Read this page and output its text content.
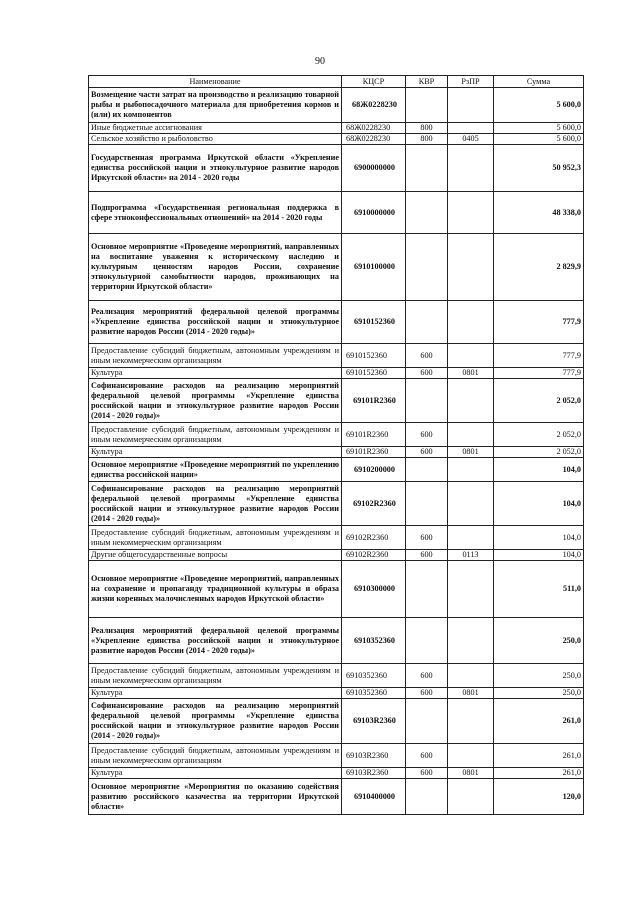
90
Наименование	КЦСР	КВР	РзПР	Сумма
Возмещение части затрат на производство и реализацию товарной рыбы и рыбопосадочного материала для приобретения кормов и (или) их компонентов	68Ж0228230			5 600,0
Иные бюджетные ассигнования	68Ж0228230	800		5 600,0
Сельское хозяйство и рыболовство	68Ж0228230	800	0405	5 600,0
Государственная программа Иркутской области «Укрепление единства российской нации и этнокультурное развитие народов Иркутской области» на 2014 - 2020 годы	6900000000			50 952,3
Подпрограмма «Государственная региональная поддержка в сфере этноконфессиональных отношений» на 2014 - 2020 годы	6910000000			48 338,0
Основное мероприятие «Проведение мероприятий, направленных на воспитание уважения к историческому наследию и культурным ценностям народов России, сохранение этнокультурной самобытности народов, проживающих на территории Иркутской области»	6910100000			2 829,9
Реализация мероприятий федеральной целевой программы «Укрепление единства российской нации и этнокультурное развитие народов России (2014 - 2020 годы)»	6910152360			777,9
Предоставление субсидий бюджетным, автономным учреждениям и иным некоммерческим организациям	6910152360	600		777,9
Культура	6910152360	600	0801	777,9
Софинансирование расходов на реализацию мероприятий федеральной целевой программы «Укрепление единства российской нации и этнокультурное развитие народов России (2014 - 2020 годы)»	69101R2360			2 052,0
Предоставление субсидий бюджетным, автономным учреждениям и иным некоммерческим организациям	69101R2360	600		2 052,0
Культура	69101R2360	600	0801	2 052,0
Основное мероприятие «Проведение мероприятий по укреплению единства российской нации»	6910200000			104,0
Софинансирование расходов на реализацию мероприятий федеральной целевой программы «Укрепление единства российской нации и этнокультурное развитие народов России (2014 - 2020 годы)»	69102R2360			104,0
Предоставление субсидий бюджетным, автономным учреждениям и иным некоммерческим организациям	69102R2360	600		104,0
Другие общегосударственные вопросы	69102R2360	600	0113	104,0
Основное мероприятие «Проведение мероприятий, направленных на сохранение и пропаганду традиционной культуры и образа жизни коренных малочисленных народов Иркутской области»	6910300000			511,0
Реализация мероприятий федеральной целевой программы «Укрепление единства российской нации и этнокультурное развитие народов России (2014 - 2020 годы)»	6910352360			250,0
Предоставление субсидий бюджетным, автономным учреждениям и иным некоммерческим организациям	6910352360	600		250,0
Культура	6910352360	600	0801	250,0
Софинансирование расходов на реализацию мероприятий федеральной целевой программы «Укрепление единства российской нации и этнокультурное развитие народов России (2014 - 2020 годы)»	69103R2360			261,0
Предоставление субсидий бюджетным, автономным учреждениям и иным некоммерческим организациям	69103R2360	600		261,0
Культура	69103R2360	600	0801	261,0
Основное мероприятие «Мероприятия по оказанию содействия развитию российского казачества на территории Иркутской области»	6910400000			120,0
